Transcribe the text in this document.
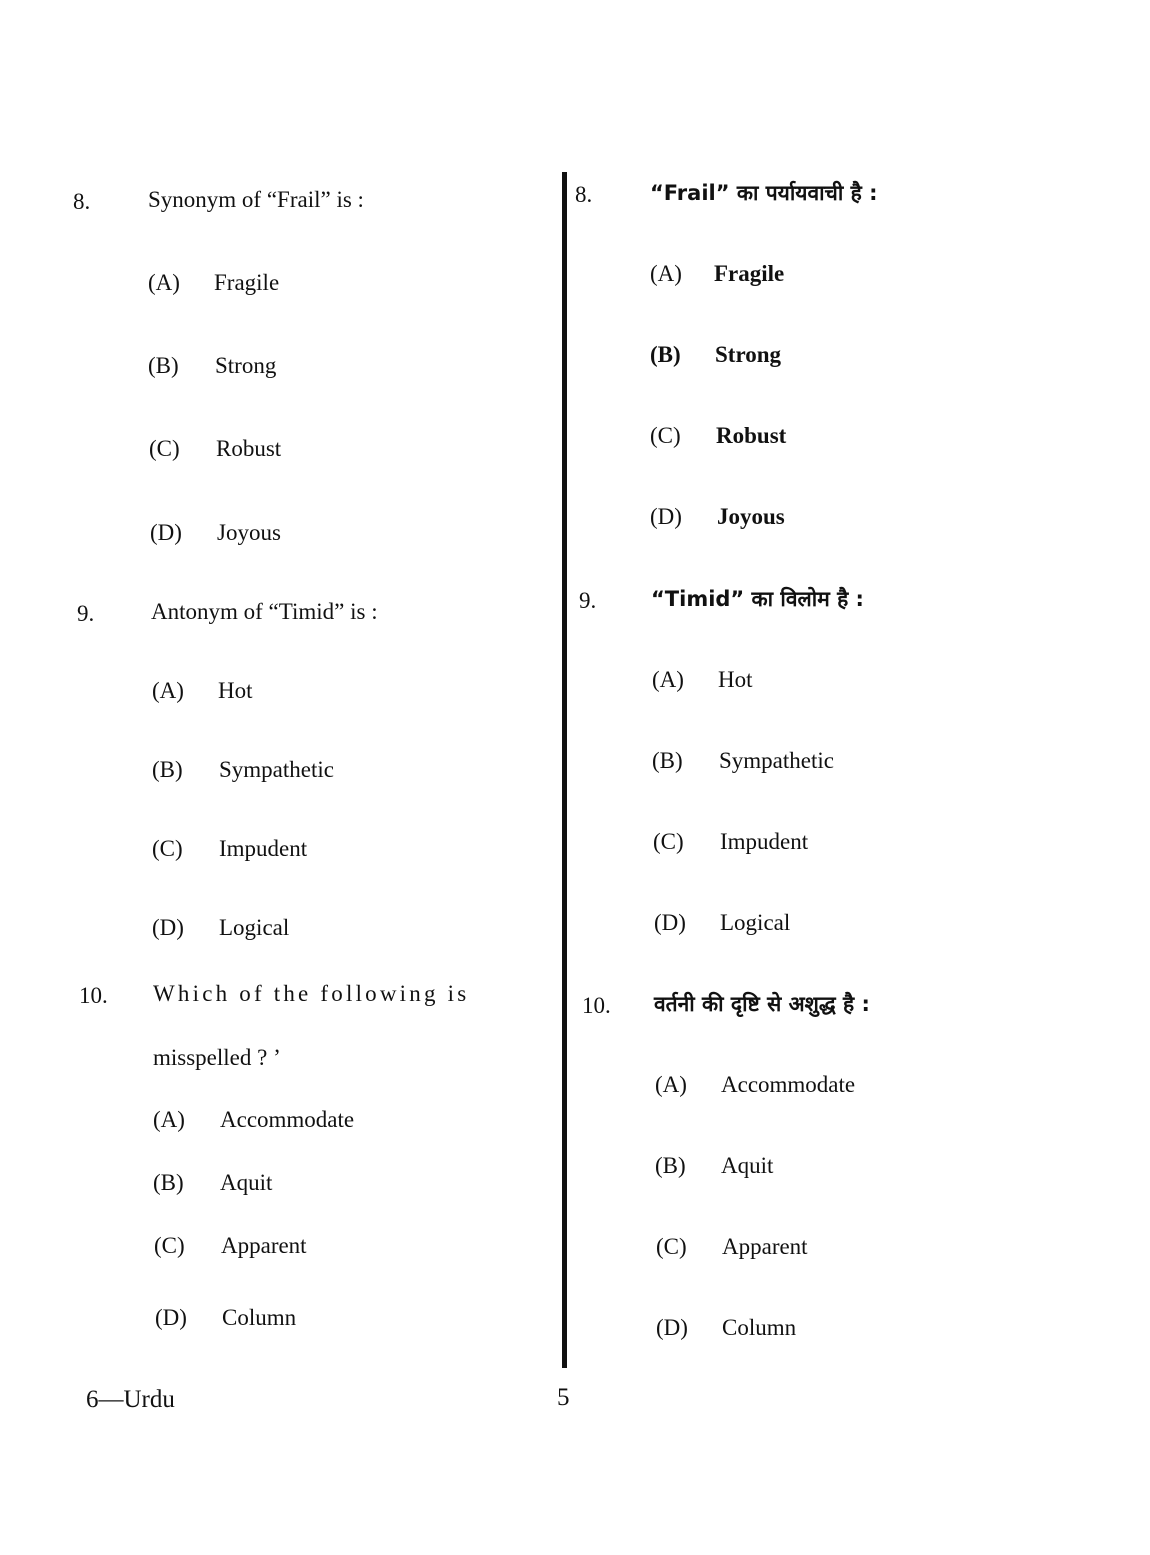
8.	Synonym of “Frail” is :
(A) Fragile
(B) Strong
(C) Robust
(D) Joyous
9. Antonym of “Timid” is :
(A) Hot
(B) Sympathetic
(C) Impudent
(D) Logical
10. Which of the following is
misspelled ? ’
(A) Accommodate
(B) Aquit
(C) Apparent
(D) Column
8.	“Frail” का पर्यायवाची है :
(A) Fragile
(B) Strong
(C) Robust
(D) Joyous
9.	“Timid” का विलोम है :
(A) Hot
(B) Sympathetic
(C) Impudent
(D) Logical
10. वर्तनी की दृष्टि से अशुद्ध है :
(A) Accommodate
(B) Aquit
(C) Apparent
(D) Column
6—Urdu	5
